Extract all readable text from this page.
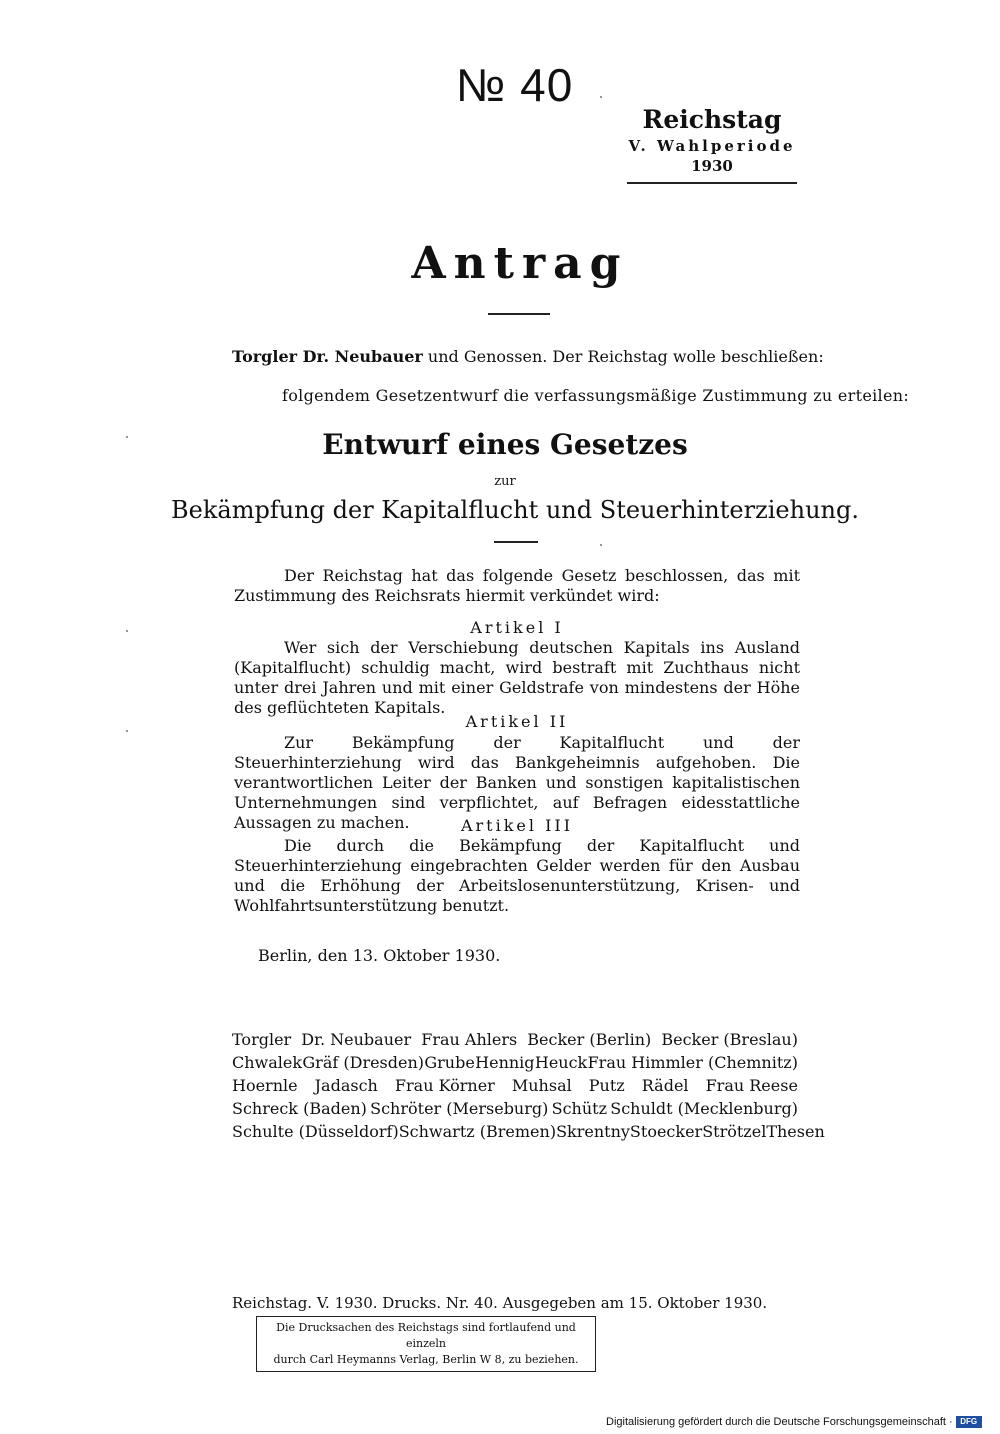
№ 40
Reichstag
V. Wahlperiode
1930
Antrag
Torgler Dr. Neubauer und Genossen. Der Reichstag wolle beschließen:
folgendem Gesetzentwurf die verfassungsmäßige Zustimmung zu erteilen:
Entwurf eines Gesetzes
zur
Bekämpfung der Kapitalflucht und Steuerhinterziehung.
Der Reichstag hat das folgende Gesetz beschlossen, das mit Zustimmung des Reichsrats hiermit verkündet wird:
Artikel I
Wer sich der Verschiebung deutschen Kapitals ins Ausland (Kapitalflucht) schuldig macht, wird bestraft mit Zuchthaus nicht unter drei Jahren und mit einer Geldstrafe von mindestens der Höhe des geflüchteten Kapitals.
Artikel II
Zur Bekämpfung der Kapitalflucht und der Steuerhinterziehung wird das Bankgeheimnis aufgehoben. Die verantwortlichen Leiter der Banken und sonstigen kapitalistischen Unternehmungen sind verpflichtet, auf Befragen eidesstattliche Aussagen zu machen.	Artikel III
Die durch die Bekämpfung der Kapitalflucht und Steuerhinterziehung eingebrachten Gelder werden für den Ausbau und die Erhöhung der Arbeitslosenunterstützung, Krisen- und Wohlfahrtsunterstützung benutzt.
Berlin, den 13. Oktober 1930.
Torgler Dr. Neubauer Frau Ahlers Becker (Berlin) Becker (Breslau)
Chwalek Gräf (Dresden) Grube Hennig Heuck Frau Himmler (Chemnitz)
Hoernle Jadasch Frau Körner Muhsal Putz Rädel Frau Reese
Schreck (Baden) Schröter (Merseburg) Schütz Schuldt (Mecklenburg)
Schulte (Düsseldorf) Schwartz (Bremen) Skrentny Stoecker Strötzel Thesen
Reichstag. V. 1930. Drucks. Nr. 40. Ausgegeben am 15. Oktober 1930.
Die Drucksachen des Reichstags sind fortlaufend und einzeln
durch Carl Heymanns Verlag, Berlin W 8, zu beziehen.
Digitalisierung gefördert durch die Deutsche Forschungsgemeinschaft · DFG
